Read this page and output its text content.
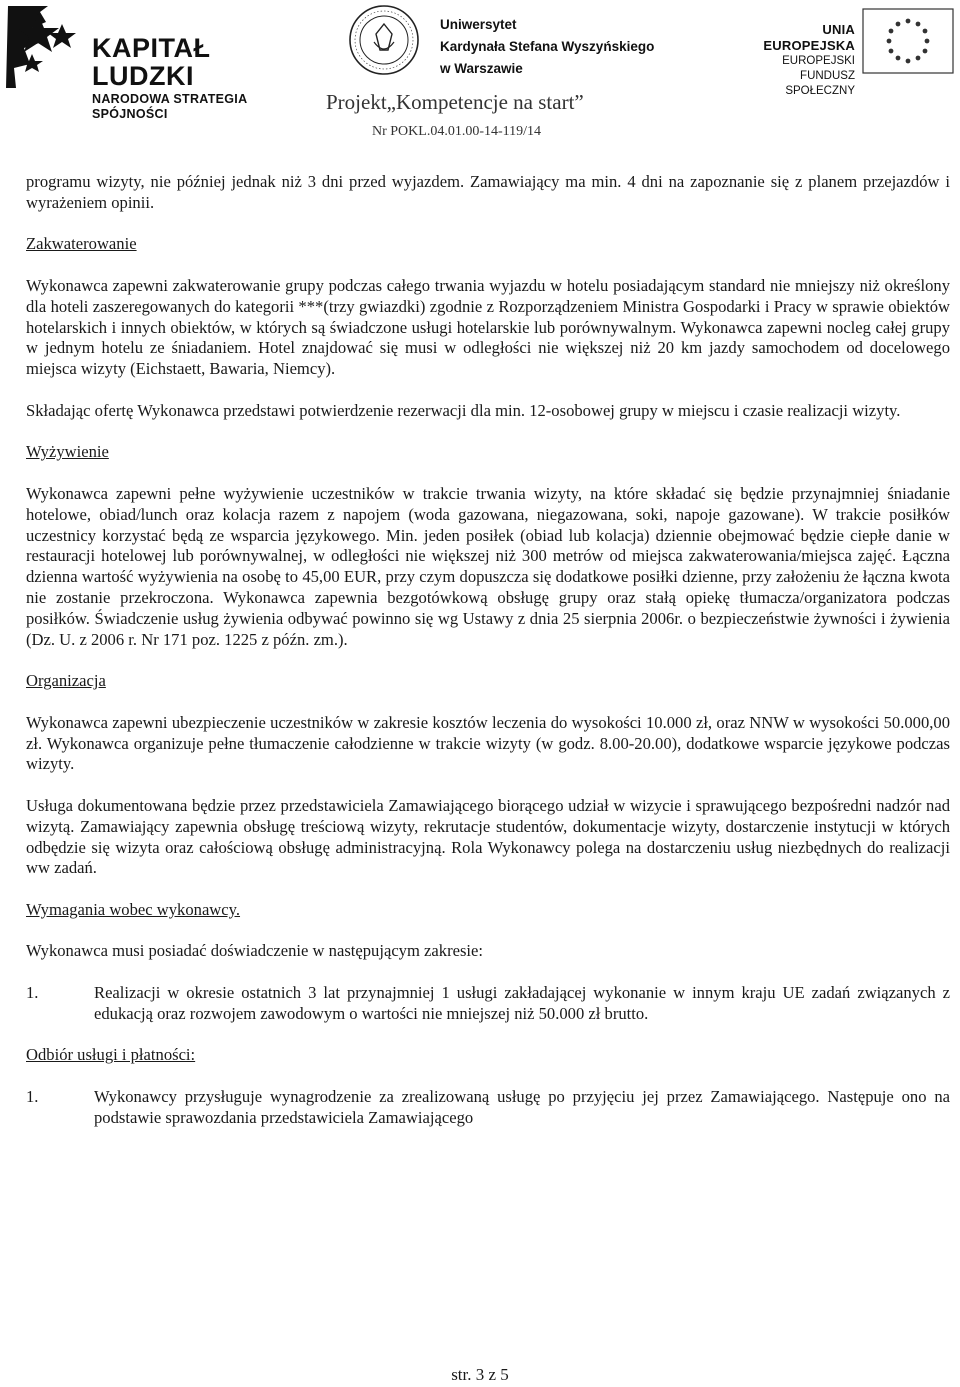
KAPITAŁ LUDZKI
NARODOWA STRATEGIA SPÓJNOŚCI
Uniwersytet
Kardynała Stefana Wyszyńskiego
w Warszawie
UNIA EUROPEJSKA
EUROPEJSKI
FUNDUSZ SPOŁECZNY
Projekt„Kompetencje na start”
Nr POKL.04.01.00-14-119/14

programu wizyty, nie później jednak niż 3 dni przed wyjazdem. Zamawiający ma min. 4 dni na zapoznanie się z planem przejazdów i wyrażeniem opinii.

Zakwaterowanie

Wykonawca zapewni zakwaterowanie grupy podczas całego trwania wyjazdu w hotelu posiadającym standard nie mniejszy niż określony dla hoteli zaszeregowanych do kategorii ***(trzy gwiazdki) zgodnie z Rozporządzeniem Ministra Gospodarki i Pracy w sprawie obiektów hotelarskich i innych obiektów, w których są świadczone usługi hotelarskie lub porównywalnym. Wykonawca zapewni nocleg całej grupy w jednym hotelu ze śniadaniem. Hotel znajdować się musi w odległości nie większej niż 20 km jazdy samochodem od docelowego miejsca wizyty (Eichstaett, Bawaria, Niemcy).

Składając ofertę Wykonawca przedstawi potwierdzenie rezerwacji dla min. 12-osobowej grupy w miejscu i czasie realizacji wizyty.

Wyżywienie

Wykonawca zapewni pełne wyżywienie uczestników w trakcie trwania wizyty, na które składać się będzie przynajmniej śniadanie hotelowe, obiad/lunch oraz kolacja razem z napojem (woda gazowana, niegazowana, soki, napoje gazowane). W trakcie posiłków uczestnicy korzystać będą ze wsparcia językowego. Min. jeden posiłek (obiad lub kolacja) dziennie obejmować będzie ciepłe danie w restauracji hotelowej lub porównywalnej, w odległości nie większej niż 300 metrów od miejsca zakwaterowania/miejsca zajęć. Łączna dzienna wartość wyżywienia na osobę to 45,00 EUR, przy czym dopuszcza się dodatkowe posiłki dzienne, przy założeniu że łączna kwota nie zostanie przekroczona. Wykonawca zapewnia bezgotówkową obsługę grupy oraz stałą opiekę tłumacza/organizatora podczas posiłków. Świadczenie usług żywienia odbywać powinno się wg Ustawy z dnia 25 sierpnia 2006r. o bezpieczeństwie żywności i żywienia (Dz. U. z 2006 r. Nr 171 poz. 1225 z późn. zm.).

Organizacja

Wykonawca zapewni ubezpieczenie uczestników w zakresie kosztów leczenia do wysokości 10.000 zł, oraz NNW w wysokości 50.000,00 zł. Wykonawca organizuje pełne tłumaczenie całodzienne w trakcie wizyty (w godz. 8.00-20.00), dodatkowe wsparcie językowe podczas wizyty.

Usługa dokumentowana będzie przez przedstawiciela Zamawiającego biorącego udział w wizycie i sprawującego bezpośredni nadzór nad wizytą. Zamawiający zapewnia obsługę treściową wizyty, rekrutacje studentów, dokumentacje wizyty, dostarczenie instytucji w których odbędzie się wizyta oraz całościową obsługę administracyjną. Rola Wykonawcy polega na dostarczeniu usług niezbędnych do realizacji ww zadań.

Wymagania wobec wykonawcy.

Wykonawca musi posiadać doświadczenie w następującym zakresie:

1.	Realizacji w okresie ostatnich 3 lat przynajmniej 1 usługi zakładającej wykonanie w innym kraju UE zadań związanych z edukacją oraz rozwojem zawodowym o wartości nie mniejszej niż 50.000 zł brutto.

Odbiór usługi i płatności:

1.	Wykonawcy przysługuje wynagrodzenie za zrealizowaną usługę po przyjęciu jej przez Zamawiającego. Następuje ono na podstawie sprawozdania przedstawiciela Zamawiającego
str. 3 z 5
